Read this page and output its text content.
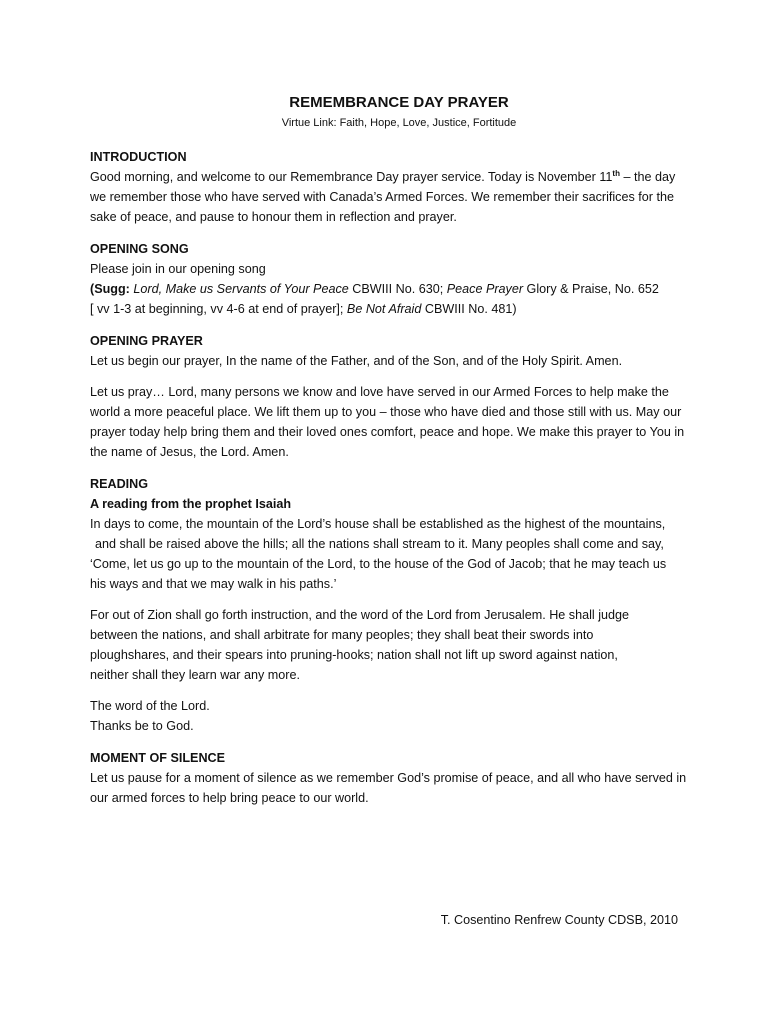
REMEMBRANCE DAY PRAYER
Virtue Link: Faith, Hope, Love, Justice, Fortitude
INTRODUCTION

Good morning, and welcome to our Remembrance Day prayer service. Today is November 11th – the day we remember those who have served with Canada’s Armed Forces. We remember their sacrifices for the sake of peace, and pause to honour them in reflection and prayer.

OPENING SONG

Please join in our opening song

(Sugg: Lord, Make us Servants of Your Peace CBWIII No. 630; Peace Prayer Glory & Praise, No. 652

[ vv 1-3 at beginning, vv 4-6 at end of prayer]; Be Not Afraid CBWIII No. 481)

OPENING PRAYER

Let us begin our prayer, In the name of the Father, and of the Son, and of the Holy Spirit. Amen.

Let us pray… Lord, many persons we know and love have served in our Armed Forces to help make the world a more peaceful place. We lift them up to you – those who have died and those still with us. May our prayer today help bring them and their loved ones comfort, peace and hope. We make this prayer to You in the name of Jesus, the Lord. Amen.

READING
A reading from the prophet Isaiah
In days to come, the mountain of the Lord’s house shall be established as the highest of the mountains,
and shall be raised above the hills; all the nations shall stream to it. Many peoples shall come and say,
‘Come, let us go up to the mountain of the Lord, to the house of the God of Jacob; that he may teach us
his ways and that we may walk in his paths.’
For out of Zion shall go forth instruction, and the word of the Lord from Jerusalem. He shall judge
between the nations, and shall arbitrate for many peoples; they shall beat their swords into
ploughshares, and their spears into pruning-hooks; nation shall not lift up sword against nation,
neither shall they learn war any more.
The word of the Lord.
Thanks be to God.
MOMENT OF SILENCE

Let us pause for a moment of silence as we remember God’s promise of peace, and all who have served in our armed forces to help bring peace to our world.

T. Cosentino Renfrew County CDSB, 2010
